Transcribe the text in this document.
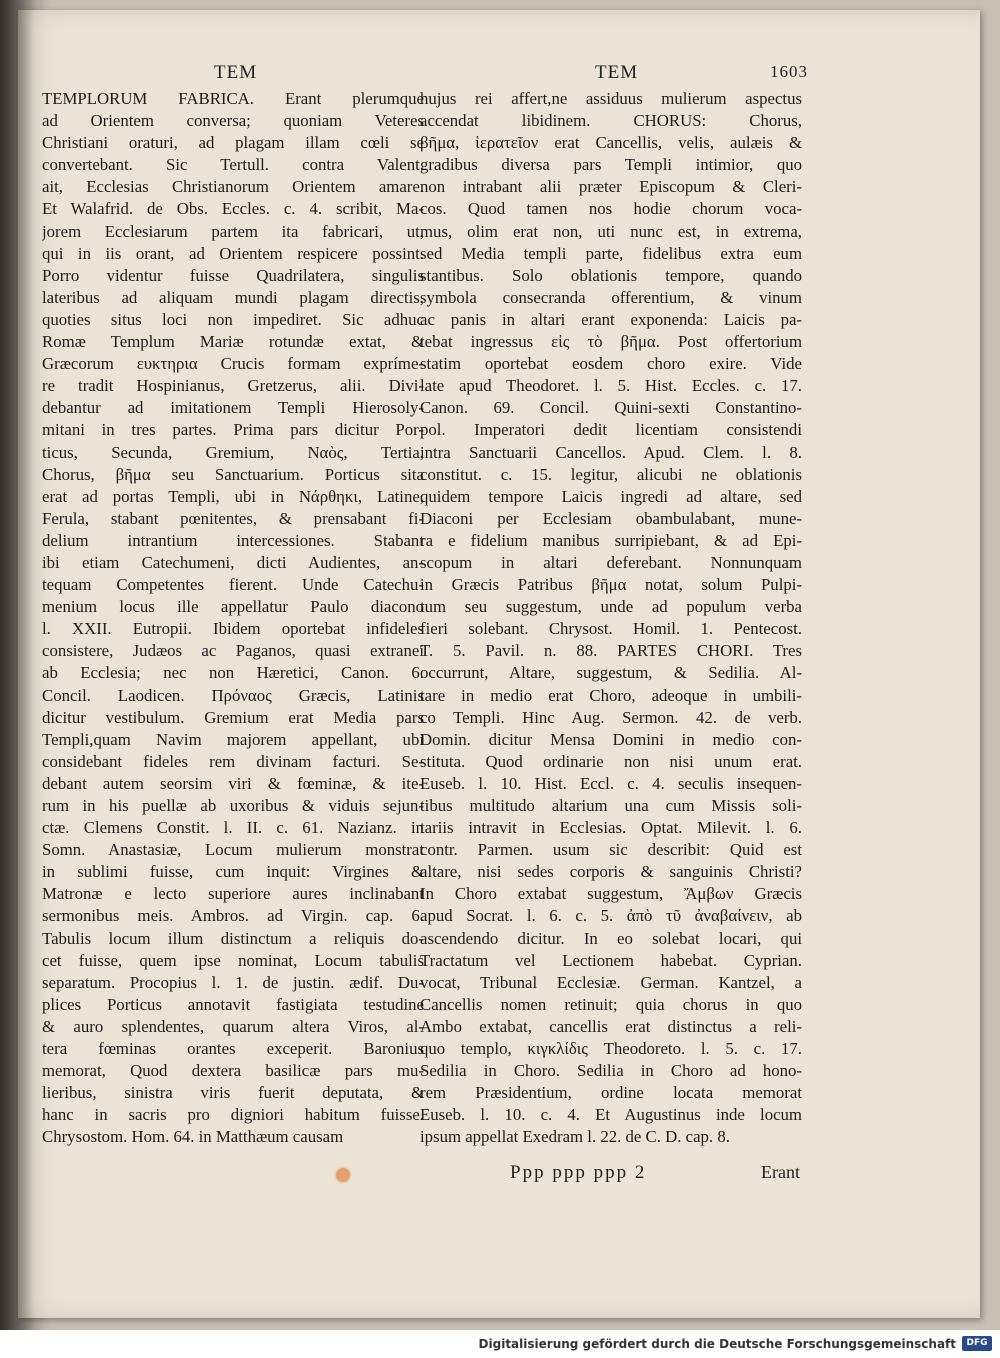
TEM	TEM	1603
TEMPLORUM FABRICA. Erant plerumque
ad Orientem conversa; quoniam Veteres
Christiani oraturi, ad plagam illam cœli se
convertebant. Sic Tertull. contra Valent.
ait, Ecclesias Christianorum Orientem amare.
Et Walafrid. de Obs. Eccles. c. 4. scribit, Ma-
jorem Ecclesiarum partem ita fabricari, ut,
qui in iis orant, ad Orientem respicere possint.
Porro videntur fuisse Quadrilatera, singulis
lateribus ad aliquam mundi plagam directis,
quoties situs loci non impediret. Sic adhuc
Romæ Templum Mariæ rotundæ extat, &
Græcorum ευκτηρια Crucis formam expríme-
re tradit Hospinianus, Gretzerus, alii. Divi-
debantur ad imitationem Templi Hierosoly-
mitani in tres partes. Prima pars dicitur Por-
ticus, Secunda, Gremium, Ναὸς, Tertia,
Chorus, βῆμα seu Sanctuarium. Porticus sita
erat ad portas Templi, ubi in Νάρθηκι, Latine,
Ferula, stabant pœnitentes, & prensabant fi-
delium intrantium intercessiones. Stabant
ibi etiam Catechumeni, dicti Audientes, an-
tequam Competentes fierent. Unde Catechu-
menium locus ille appellatur Paulo diacono
l. XXII. Eutropii. Ibidem oportebat infideles
consistere, Judæos ac Paganos, quasi extranei
ab Ecclesia; nec non Hæretici, Canon. 6.
Concil. Laodicen. Πρόναος Græcis, Latinis
dicitur vestibulum. Gremium erat Media pars
Templi,quam Navim majorem appellant, ubi
considebant fideles rem divinam facturi. Se-
debant autem seorsim viri & fœminæ, & ite-
rum in his puellæ ab uxoribus & viduis sejun-
ctæ. Clemens Constit. l. II. c. 61. Nazianz. in
Somn. Anastasiæ, Locum mulierum monstrat
in sublimi fuisse, cum inquit: Virgines &
Matronæ e lecto superiore aures inclinabant
sermonibus meis. Ambros. ad Virgin. cap. 6.
Tabulis locum illum distinctum a reliquis do-
cet fuisse, quem ipse nominat, Locum tabulis
separatum. Procopius l. 1. de justin. ædif. Du-
plices Porticus annotavit fastigiata testudine
& auro splendentes, quarum altera Viros, al-
tera fœminas orantes exceperit. Baronius
memorat, Quod dextera basilicæ pars mu-
lieribus, sinistra viris fuerit deputata, &
hanc in sacris pro digniori habitum fuisse.
Chrysostom. Hom. 64. in Matthæum causam
hujus rei affert,ne assiduus mulierum aspectus
accendat libidinem. CHORUS: Chorus,
βῆμα, ἱερατεῖον erat Cancellis, velis, aulæis &
gradibus diversa pars Templi intimior, quo
non intrabant alii præter Episcopum & Cleri-
cos. Quod tamen nos hodie chorum voca-
mus, olim erat non, uti nunc est, in extrema,
sed Media templi parte, fidelibus extra eum
stantibus. Solo oblationis tempore, quando
symbola consecranda offerentium, & vinum
ac panis in altari erant exponenda: Laicis pa-
tebat ingressus εἰς τὸ βῆμα. Post offertorium
statim oportebat eosdem choro exire. Vide
late apud Theodoret. l. 5. Hist. Eccles. c. 17.
Canon. 69. Concil. Quini-sexti Constantino-
pol. Imperatori dedit licentiam consistendi
intra Sanctuarii Cancellos. Apud. Clem. l. 8.
constitut. c. 15. legitur, alicubi ne oblationis
quidem tempore Laicis ingredi ad altare, sed
Diaconi per Ecclesiam obambulabant, mune-
ra e fidelium manibus surripiebant, & ad Epi-
scopum in altari deferebant. Nonnunquam
in Græcis Patribus βῆμα notat, solum Pulpi-
tum seu suggestum, unde ad populum verba
fieri solebant. Chrysost. Homil. 1. Pentecost.
T. 5. Pavil. n. 88. PARTES CHORI. Tres
occurrunt, Altare, suggestum, & Sedilia. Al-
tare in medio erat Choro, adeoque in umbili-
co Templi. Hinc Aug. Sermon. 42. de verb.
Domin. dicitur Mensa Domini in medio con-
stituta. Quod ordinarie non nisi unum erat.
Euseb. l. 10. Hist. Eccl. c. 4. seculis insequen-
tibus multitudo altarium una cum Missis soli-
tariis intravit in Ecclesias. Optat. Milevit. l. 6.
contr. Parmen. usum sic describit: Quid est
altare, nisi sedes corporis & sanguinis Christi?
In Choro extabat suggestum, Ἄμβων Græcis
apud Socrat. l. 6. c. 5. ἀπὸ τῦ ἀναβαίνειν, ab
ascendendo dicitur. In eo solebat locari, qui
Tractatum vel Lectionem habebat. Cyprian.
vocat, Tribunal Ecclesiæ. German. Kantzel, a
Cancellis nomen retinuit; quia chorus in quo
Ambo extabat, cancellis erat distinctus a reli-
quo templo, κιγκλίδις Theodoreto. l. 5. c. 17.
Sedilia in Choro. Sedilia in Choro ad hono-
rem Præsidentium, ordine locata memorat
Euseb. l. 10. c. 4. Et Augustinus inde locum
ipsum appellat Exedram l. 22. de C. D. cap. 8.
Ppp ppp ppp 2	Erant
Digitalisierung gefördert durch die Deutsche Forschungsgemeinschaft	DFG
